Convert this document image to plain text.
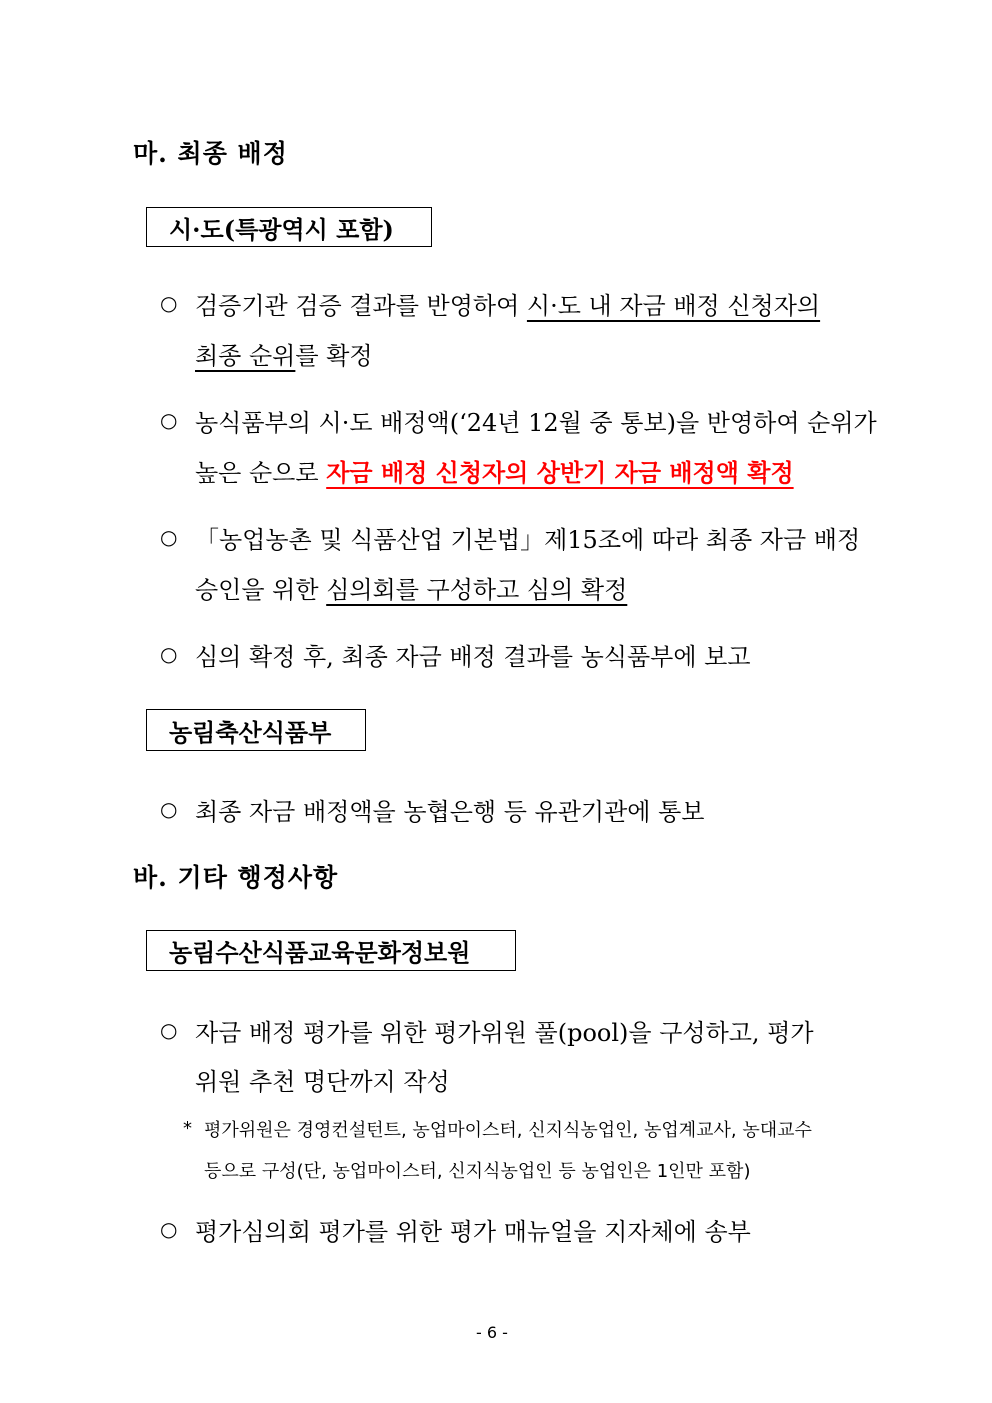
마. 최종 배정
시·도(특광역시 포함)
○ 검증기관 검증 결과를 반영하여 시·도 내 자금 배정 신청자의
최종 순위를 확정
○ 농식품부의 시·도 배정액(‘24년 12월 중 통보)을 반영하여 순위가
높은 순으로 자금 배정 신청자의 상반기 자금 배정액 확정
○ 「농업농촌 및 식품산업 기본법」제15조에 따라 최종 자금 배정
승인을 위한 심의회를 구성하고 심의 확정
○ 심의 확정 후, 최종 자금 배정 결과를 농식품부에 보고
농림축산식품부
○ 최종 자금 배정액을 농협은행 등 유관기관에 통보
바. 기타 행정사항
농림수산식품교육문화정보원
○ 자금 배정 평가를 위한 평가위원 풀(pool)을 구성하고, 평가
위원 추천 명단까지 작성
* 평가위원은 경영컨설턴트, 농업마이스터, 신지식농업인, 농업계교사, 농대교수
등으로 구성(단, 농업마이스터, 신지식농업인 등 농업인은 1인만 포함)
○ 평가심의회 평가를 위한 평가 매뉴얼을 지자체에 송부
- 6 -
